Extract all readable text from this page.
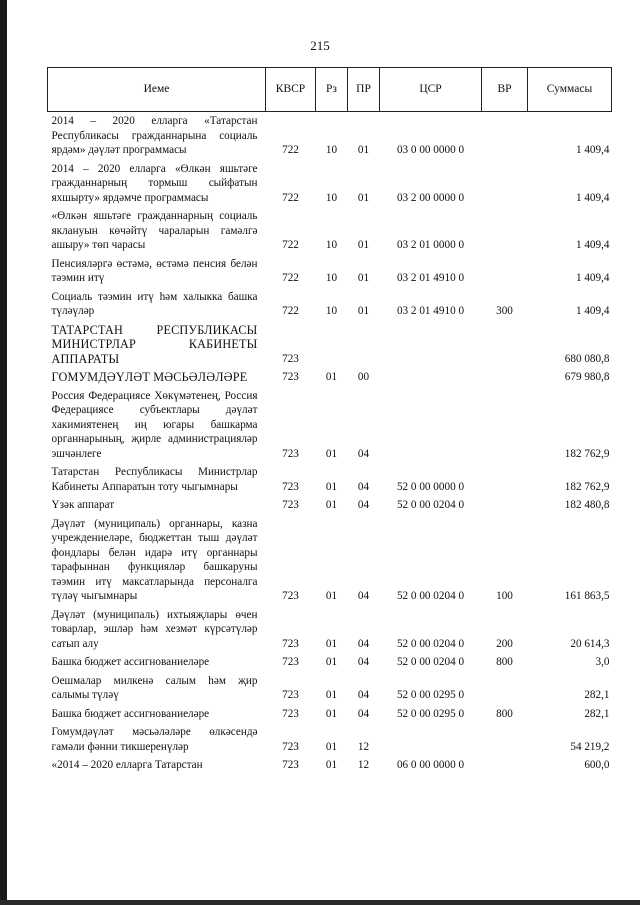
215
Иеме	КВСР	Рз	ПР	ЦСР	ВР	Суммасы
2014 – 2020 елларга «Татарстан Республикасы гражданнарына социаль ярдәм» дәүләт программасы	722	10	01	03 0 00 0000 0		1 409,4
2014 – 2020 елларга «Өлкән яшьтәге гражданнарның тормыш сыйфатын яхшырту» ярдәмче программасы	722	10	01	03 2 00 0000 0		1 409,4
«Өлкән яшьтәге гражданнарның социаль яклануын көчәйтү чараларын гамәлгә ашыру» төп чарасы	722	10	01	03 2 01 0000 0		1 409,4
Пенсияләргә өстәмә, өстәмә пенсия белән тәэмин итү	722	10	01	03 2 01 4910 0		1 409,4
Социаль тәэмин итү һәм халыкка башка түләүләр	722	10	01	03 2 01 4910 0	300	1 409,4
ТАТАРСТАН РЕСПУБЛИКАСЫ МИНИСТРЛАР КАБИНЕТЫ АППАРАТЫ	723					680 080,8
ГОМУМДӘҮЛӘТ МӘСЬӘЛӘЛӘРЕ	723	01	00			679 980,8
Россия Федерациясе Хөкүмәтенең, Россия Федерациясе субъектлары дәүләт хакимиятенең иң югары башкарма органнарының, җирле администрацияләр эшчәнлеге	723	01	04			182 762,9
Татарстан Республикасы Министрлар Кабинеты Аппаратын тоту чыгымнары	723	01	04	52 0 00 0000 0		182 762,9
Үзәк аппарат	723	01	04	52 0 00 0204 0		182 480,8
Дәүләт (муниципаль) органнары, казна учреждениеләре, бюджеттан тыш дәүләт фондлары белән идарә итү органнары тарафыннан функцияләр башкаруны тәэмин итү максатларында персоналга түләү чыгымнары	723	01	04	52 0 00 0204 0	100	161 863,5
Дәүләт (муниципаль) ихтыяҗлары өчен товарлар, эшләр һәм хезмәт күрсәтүләр сатып алу	723	01	04	52 0 00 0204 0	200	20 614,3
Башка бюджет ассигнованиеләре	723	01	04	52 0 00 0204 0	800	3,0
Оешмалар милкенә салым һәм җир салымы түләү	723	01	04	52 0 00 0295 0		282,1
Башка бюджет ассигнованиеләре	723	01	04	52 0 00 0295 0	800	282,1
Гомумдәүләт мәсьәләләре өлкәсендә гамәли фәнни тикшеренүләр	723	01	12			54 219,2
«2014 – 2020 елларга Татарстан	723	01	12	06 0 00 0000 0		600,0
